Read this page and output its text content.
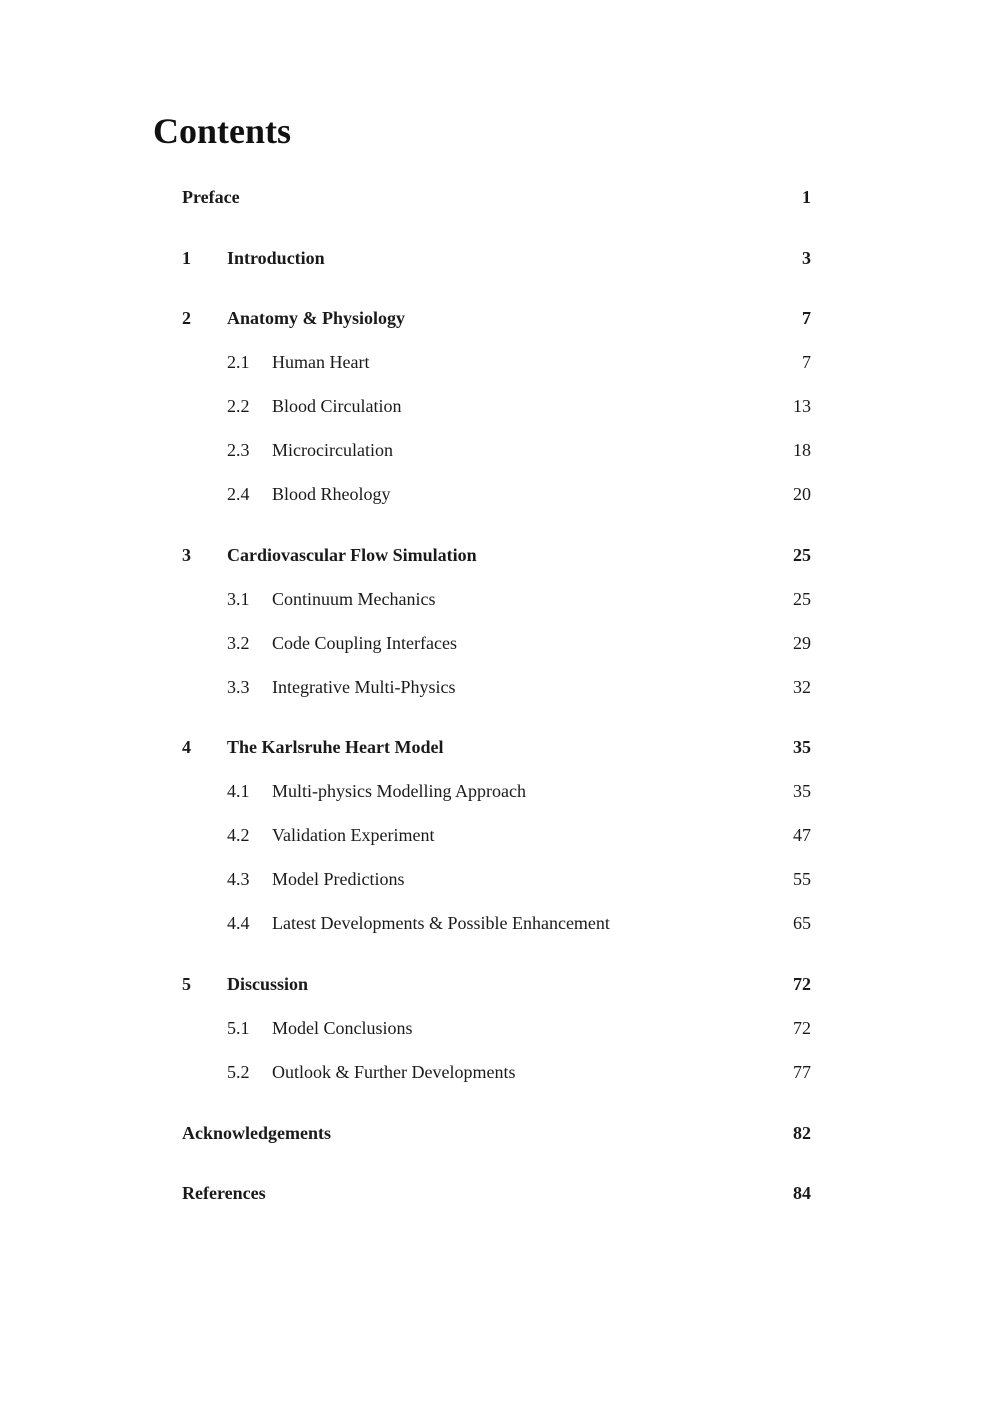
Contents
Preface	1
1 Introduction	3
2 Anatomy & Physiology	7
2.1 Human Heart	7
2.2 Blood Circulation	13
2.3 Microcirculation	18
2.4 Blood Rheology	20
3 Cardiovascular Flow Simulation	25
3.1 Continuum Mechanics	25
3.2 Code Coupling Interfaces	29
3.3 Integrative Multi-Physics	32
4 The Karlsruhe Heart Model	35
4.1 Multi-physics Modelling Approach	35
4.2 Validation Experiment	47
4.3 Model Predictions	55
4.4 Latest Developments & Possible Enhancement	65
5 Discussion	72
5.1 Model Conclusions	72
5.2 Outlook & Further Developments	77
Acknowledgements	82
References	84
